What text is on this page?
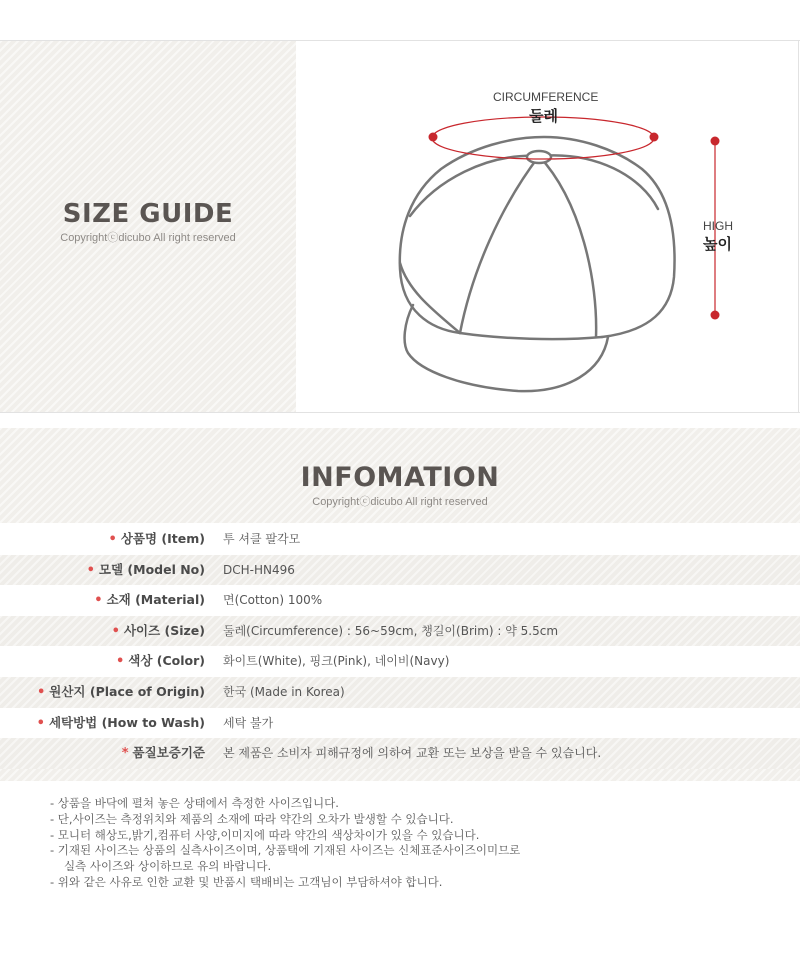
SIZE GUIDE
Copyrightⓒdicubo All right reserved
CIRCUMFERENCE
둘레
HIGH
높이
INFOMATION
Copyrightⓒdicubo All right reserved
• 상품명 (Item) 투 셔클 팔각모
• 모델 (Model No) DCH-HN496
• 소재 (Material) 면(Cotton) 100%
• 사이즈 (Size) 둘레(Circumference) : 56~59cm, 챙길이(Brim) : 약 5.5cm
• 색상 (Color) 화이트(White), 핑크(Pink), 네이비(Navy)
• 원산지 (Place of Origin) 한국 (Made in Korea)
• 세탁방법 (How to Wash) 세탁 불가
* 품질보증기준 본 제품은 소비자 피해규정에 의하여 교환 또는 보상을 받을 수 있습니다.
- 상품을 바닥에 펼쳐 놓은 상태에서 측정한 사이즈입니다.
- 단,사이즈는 측정위치와 제품의 소재에 따라 약간의 오차가 발생할 수 있습니다.
- 모니터 해상도,밝기,컴퓨터 사양,이미지에 따라 약간의 색상차이가 있을 수 있습니다.
- 기재된 사이즈는 상품의 실측사이즈이며, 상품택에 기재된 사이즈는 신체표준사이즈이미므로
실측 사이즈와 상이하므로 유의 바랍니다.
- 위와 같은 사유로 인한 교환 및 반품시 택배비는 고객님이 부담하셔야 합니다.
